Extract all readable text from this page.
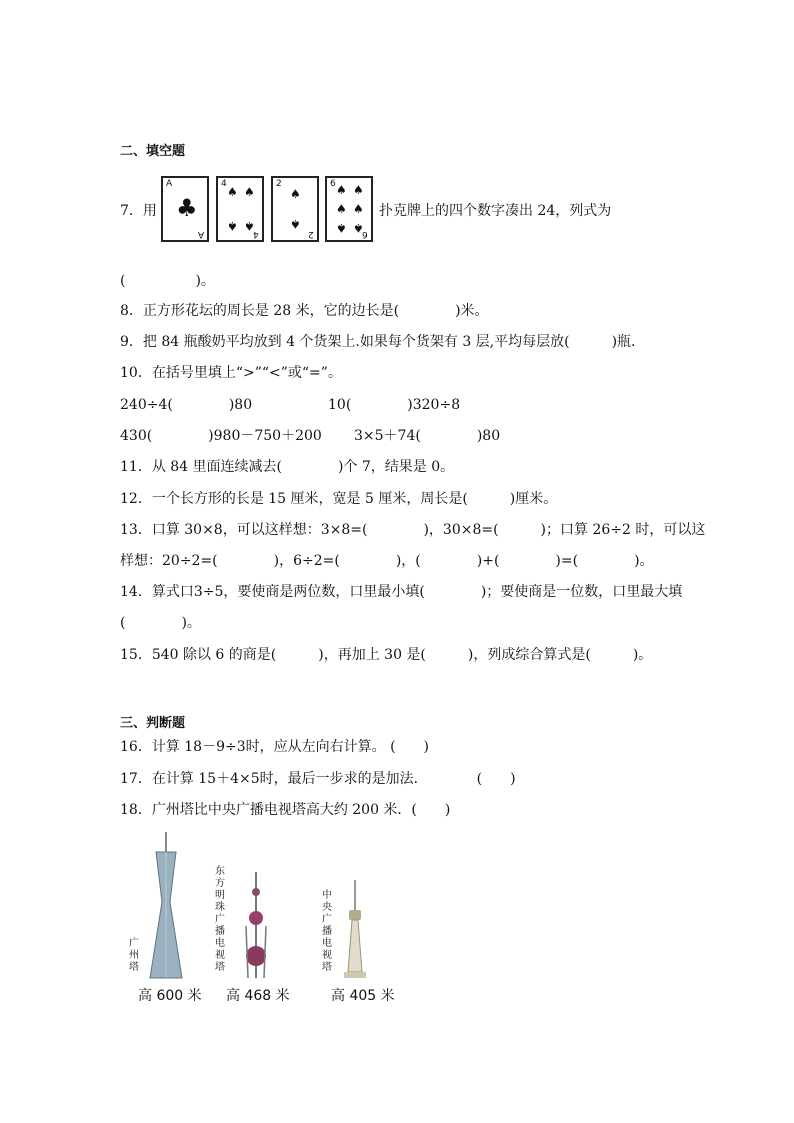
二、填空题
7．用
A
♣
A
4
♠ ♠
♠ ♠
4
2
♠
♠
2
6 ♠ ♠
♠ ♠
♠ ♠
6
扑克牌上的四个数字凑出 24，列式为
(　　　　　)。
8．正方形花坛的周长是 28 米，它的边长是(　　　　)米。
9．把 84 瓶酸奶平均放到 4 个货架上.如果每个货架有 3 层,平均每层放(　　　)瓶．
10．在括号里填上“>”“<”或“=”。
240÷4(　　　　)80	10(　　　　)320÷8
430(　　　　)980－750＋200 3×5＋74(　　　　)80
11．从 84 里面连续减去(　　　　)个 7，结果是 0。
12．一个长方形的长是 15 厘米，宽是 5 厘米，周长是(　　　)厘米。
13．口算 30×8，可以这样想：3×8=(　　　　)，30×8=(　　　)；口算 26÷2 时，可以这
样想：20÷2=(　　　　)，6÷2=(　　　　)，(　　　　)+(　　　　)=(　　　　)。
14．算式口3÷5，要使商是两位数，口里最小填(　　　　)；要使商是一位数，口里最大填
(　　　　)。
15．540 除以 6 的商是(　　　)，再加上 30 是(　　　)，列成综合算式是(　　　)。
三、判断题
16．计算 18－9÷3时，应从左向右计算。 (　　)
17．在计算 15＋4×5时，最后一步求的是加法．　　　　(　　)
18．广州塔比中央广播电视塔高大约 200 米．(　　)
广州塔
东方明珠广播电视塔
中央广播电视塔
高 600 米 高 468 米	高 405 米
